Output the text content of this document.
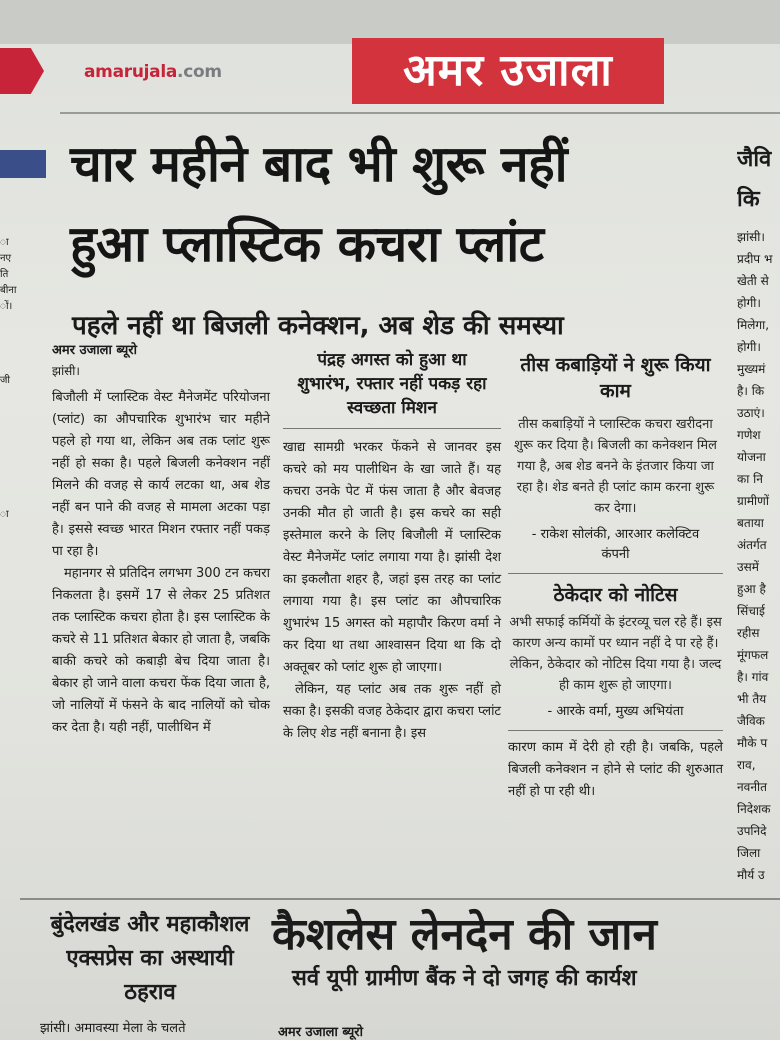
amarujala.com	अमर उजाला
ा
नए
ति
बीना
ों।
जी
ा
चार महीने बाद भी शुरू नहीं
हुआ प्लास्टिक कचरा प्लांट
पहले नहीं था बिजली कनेक्शन, अब शेड की समस्या
अमर उजाला ब्यूरो
झांसी।
बिजौली में प्लास्टिक वेस्ट मैनेजमेंट परियोजना (प्लांट) का औपचारिक शुभारंभ चार महीने पहले हो गया था, लेकिन अब तक प्लांट शुरू नहीं हो सका है। पहले बिजली कनेक्शन नहीं मिलने की वजह से कार्य लटका था, अब शेड नहीं बन पाने की वजह से मामला अटका पड़ा है। इससे स्वच्छ भारत मिशन रफ्तार नहीं पकड़ पा रहा है।
महानगर से प्रतिदिन लगभग 300 टन कचरा निकलता है। इसमें 17 से लेकर 25 प्रतिशत तक प्लास्टिक कचरा होता है। इस प्लास्टिक के कचरे से 11 प्रतिशत बेकार हो जाता है, जबकि बाकी कचरे को कबाड़ी बेच दिया जाता है। बेकार हो जाने वाला कचरा फेंक दिया जाता है, जो नालियों में फंसने के बाद नालियों को चोक कर देता है। यही नहीं, पालीथिन में
पंद्रह अगस्त को हुआ था शुभारंभ, रफ्तार नहीं पकड़ रहा स्वच्छता मिशन
खाद्य सामग्री भरकर फेंकने से जानवर इस कचरे को मय पालीथिन के खा जाते हैं। यह कचरा उनके पेट में फंस जाता है और बेवजह उनकी मौत हो जाती है। इस कचरे का सही इस्तेमाल करने के लिए बिजौली में प्लास्टिक वेस्ट मैनेजमेंट प्लांट लगाया गया है। झांसी देश का इकलौता शहर है, जहां इस तरह का प्लांट लगाया गया है। इस प्लांट का औपचारिक शुभारंभ 15 अगस्त को महापौर किरण वर्मा ने कर दिया था तथा आश्वासन दिया था कि दो अक्तूबर को प्लांट शुरू हो जाएगा।
लेकिन, यह प्लांट अब तक शुरू नहीं हो सका है। इसकी वजह ठेकेदार द्वारा कचरा प्लांट के लिए शेड नहीं बनाना है। इस
तीस कबाड़ियों ने शुरू किया काम
तीस कबाड़ियों ने प्लास्टिक कचरा खरीदना शुरू कर दिया है। बिजली का कनेक्शन मिल गया है, अब शेड बनने के इंतजार किया जा रहा है। शेड बनते ही प्लांट काम करना शुरू कर देगा।
- राकेश सोलंकी, आरआर कलेक्टिव कंपनी
ठेकेदार को नोटिस
अभी सफाई कर्मियों के इंटरव्यू चल रहे हैं। इस कारण अन्य कामों पर ध्यान नहीं दे पा रहे हैं। लेकिन, ठेकेदार को नोटिस दिया गया है। जल्द ही काम शुरू हो जाएगा।
- आरके वर्मा, मुख्य अभियंता
कारण काम में देरी हो रही है। जबकि, पहले बिजली कनेक्शन न होने से प्लांट की शुरुआत नहीं हो पा रही थी।
जैवि
कि
झांसी।
प्रदीप भ
खेती से
होगी।
मिलेगा,
होगी।
मुख्यमं
है। कि
उठाएं।
गणेश
योजना
का नि
ग्रामीणों
बताया
अंतर्गत
उसमें
हुआ है
सिंचाई
रहीस
मूंगफल
है। गांव
भी तैय
जैविक
मौके प
राव,
नवनीत
निदेशक
उपनिदे
जिला
मौर्य उ
बुंदेलखंड और महाकौशल एक्सप्रेस का अस्थायी ठहराव
झांसी। अमावस्या मेला के चलते
कैशलेस लेनदेन की जान
सर्व यूपी ग्रामीण बैंक ने दो जगह की कार्यश
अमर उजाला ब्यूरो
